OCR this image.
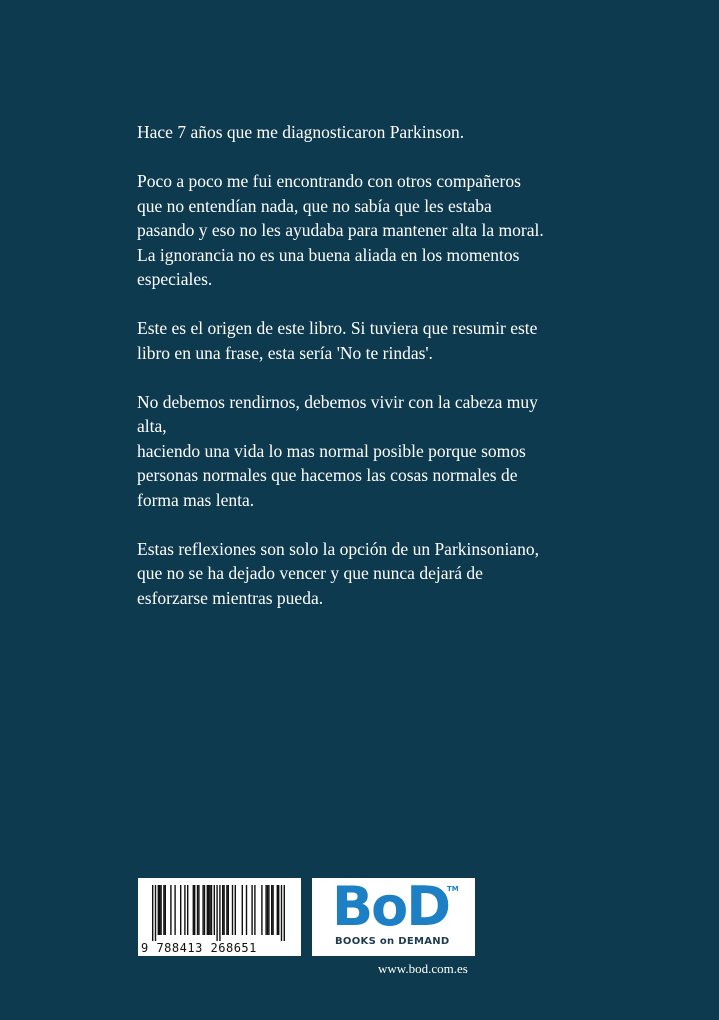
Hace 7 años que me diagnosticaron Parkinson.

Poco a poco me fui encontrando con otros compañeros
que no entendían nada, que no sabía que les estaba
pasando y eso no les ayudaba para mantener alta la moral.
La ignorancia no es una buena aliada en los momentos
especiales.

Este es el origen de este libro. Si tuviera que resumir este
libro en una frase, esta sería 'No te rindas'.

No debemos rendirnos, debemos vivir con la cabeza muy
alta,
haciendo una vida lo mas normal posible porque somos
personas normales que hacemos las cosas normales de
forma mas lenta.

Estas reflexiones son solo la opción de un Parkinsoniano,
que no se ha dejado vencer y que nunca dejará de
esforzarse mientras pueda.

9 788413 268651
BoD
TM
BOOKS on DEMAND
www.bod.com.es
